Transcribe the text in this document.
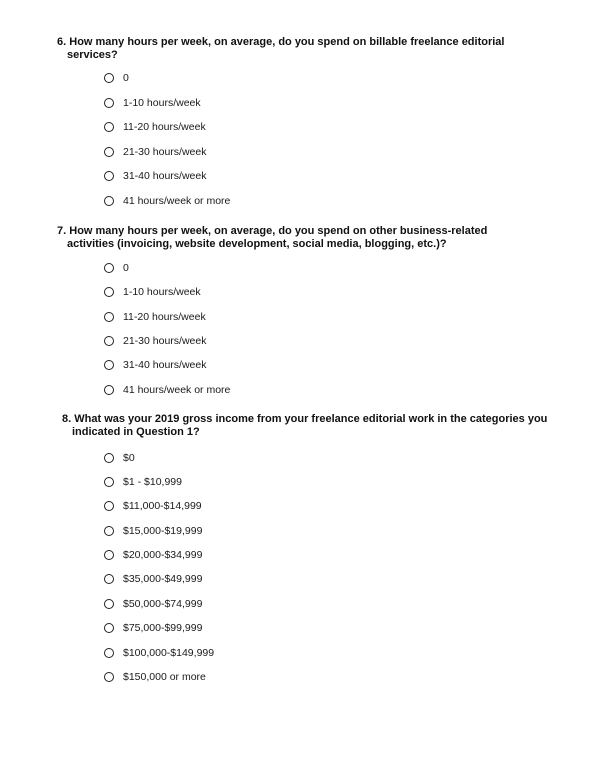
6. How many hours per week, on average, do you spend on billable freelance editorial
services?

0
1-10 hours/week
11-20 hours/week
21-30 hours/week
31-40 hours/week
41 hours/week or more

7. How many hours per week, on average, do you spend on other business-related
activities (invoicing, website development, social media, blogging, etc.)?

0
1-10 hours/week
11-20 hours/week
21-30 hours/week
31-40 hours/week
41 hours/week or more

8. What was your 2019 gross income from your freelance editorial work in the categories you
indicated in Question 1?

$0
$1 - $10,999
$11,000-$14,999
$15,000-$19,999
$20,000-$34,999
$35,000-$49,999
$50,000-$74,999
$75,000-$99,999
$100,000-$149,999
$150,000 or more
